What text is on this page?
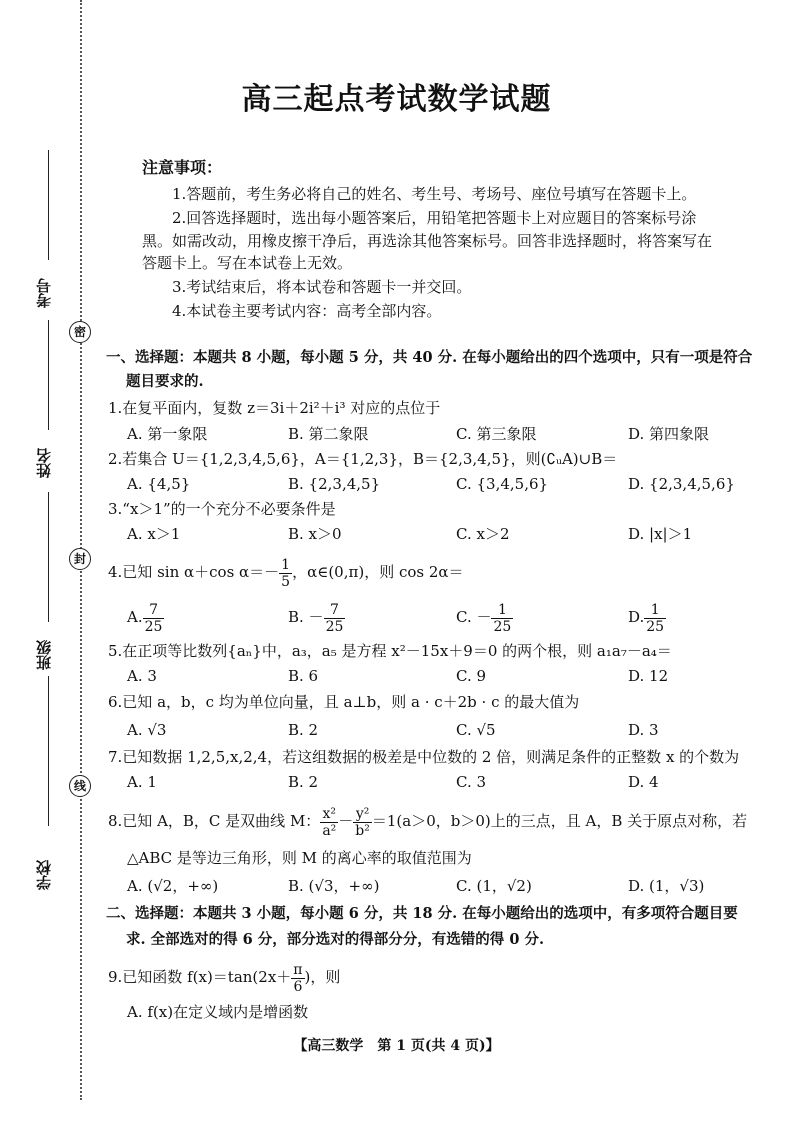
考号
姓名
班级
学校
密
封
线
高三起点考试数学试题
注意事项：
1.答题前，考生务必将自己的姓名、考生号、考场号、座位号填写在答题卡上。
2.回答选择题时，选出每小题答案后，用铅笔把答题卡上对应题目的答案标号涂
黑。如需改动，用橡皮擦干净后，再选涂其他答案标号。回答非选择题时，将答案写在
答题卡上。写在本试卷上无效。
3.考试结束后，将本试卷和答题卡一并交回。
4.本试卷主要考试内容：高考全部内容。
一、选择题：本题共 8 小题，每小题 5 分，共 40 分. 在每小题给出的四个选项中，只有一项是符合
题目要求的.
1.在复平面内，复数 z＝3i＋2i²＋i³ 对应的点位于
A. 第一象限	B. 第二象限	C. 第三象限	D. 第四象限
2.若集合 U＝{1,2,3,4,5,6}，A＝{1,2,3}，B＝{2,3,4,5}，则(∁ᵤA)∪B＝
A. {4,5}	B. {2,3,4,5}	C. {3,4,5,6}	D. {2,3,4,5,6}
3.“x＞1”的一个充分不必要条件是
A. x＞1	B. x＞0	C. x＞2	D. |x|＞1
4.已知 sin α＋cos $\alpha=- \frac{1}{5}$ ，α∈(0,π)，则 cos 2α＝
A. $\frac{7}{25}$	B. － $\frac{7}{25}$	C. － $\frac{1}{25}$	D. $\frac{1}{25}$
5.在正项等比数列{aₙ}中，a₃，a₅ 是方程 x²－15x＋9＝0 的两个根，则 a₁a₇－a₄＝
A. 3	B. 6	C. 9	D. 12
6.已知 a，b，c 均为单位向量，且 a⊥b，则 a · c＋2b · c 的最大值为
A. √3	B. 2	C. √5	D. 3
7.已知数据 1,2,5,x,2,4，若这组数据的极差是中位数的 2 倍，则满足条件的正整数 x 的个数为
A. 1	B. 2	C. 3	D. 4
8.已知 A，B，C 是双曲线 M： $\frac{\text{x²}}{\text{a²}} - \frac{\text{y²}}{\text{b²}} =1(a>0$，b＞0)上的三点，且 A，B 关于原点对称，若
△ABC 是等边三角形，则 M 的离心率的取值范围为
A. (√2，+∞)	B. (√3，+∞)	C. (1，√2)	D. (1，√3)
二、选择题：本题共 3 小题，每小题 6 分，共 18 分. 在每小题给出的选项中，有多项符合题目要
求. 全部选对的得 6 分，部分选对的得部分分，有选错的得 0 分.
9.已知函数 $f(x)=\tan(2x+ \frac{\pi}{6}$ )，则
A. f(x)在定义域内是增函数
【高三数学　第 1 页(共 4 页)】
